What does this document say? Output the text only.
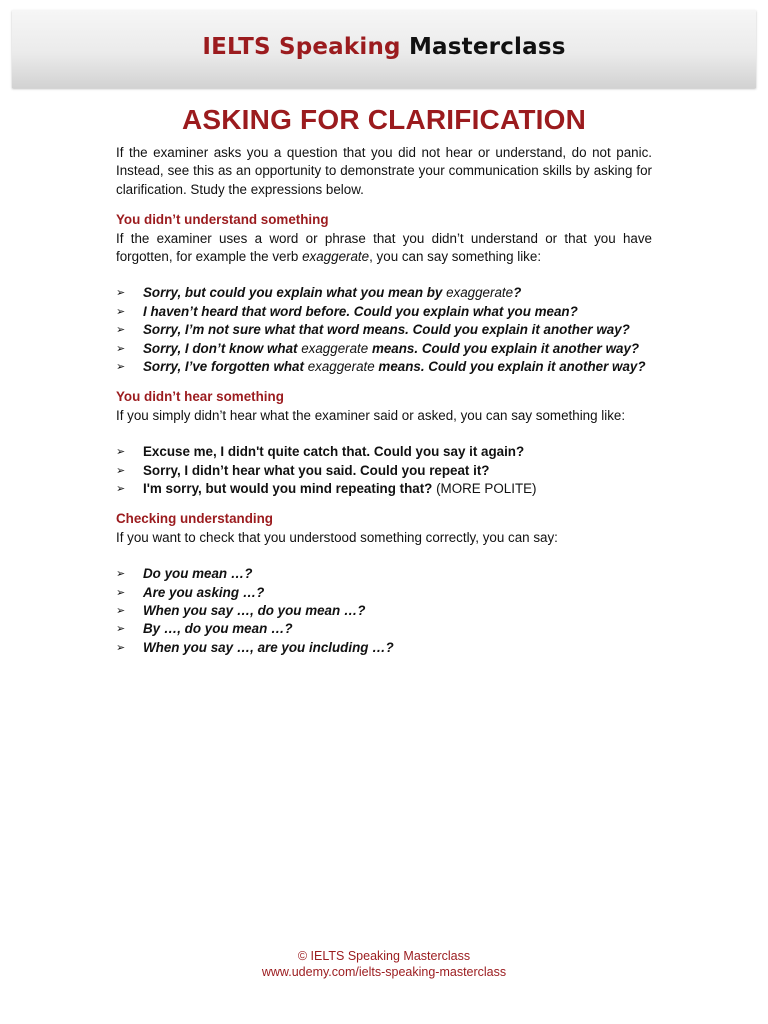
IELTS Speaking Masterclass
ASKING FOR CLARIFICATION

If the examiner asks you a question that you did not hear or understand, do not panic. Instead, see this as an opportunity to demonstrate your communication skills by asking for clarification. Study the expressions below.

You didn’t understand something

If the examiner uses a word or phrase that you didn’t understand or that you have forgotten, for example the verb exaggerate, you can say something like:

➢ Sorry, but could you explain what you mean by exaggerate?
➢ I haven’t heard that word before. Could you explain what you mean?
➢ Sorry, I’m not sure what that word means. Could you explain it another way?
➢ Sorry, I don’t know what exaggerate means. Could you explain it another way?
➢ Sorry, I’ve forgotten what exaggerate means. Could you explain it another way?
You didn’t hear something

If you simply didn’t hear what the examiner said or asked, you can say something like:

➢ Excuse me, I didn't quite catch that. Could you say it again?
➢ Sorry, I didn’t hear what you said. Could you repeat it?
➢ I'm sorry, but would you mind repeating that? (MORE POLITE)
Checking understanding

If you want to check that you understood something correctly, you can say:

➢ Do you mean …?
➢ Are you asking …?
➢ When you say …, do you mean …?
➢ By …, do you mean …?
➢ When you say …, are you including …?
© IELTS Speaking Masterclass
www.udemy.com/ielts-speaking-masterclass
